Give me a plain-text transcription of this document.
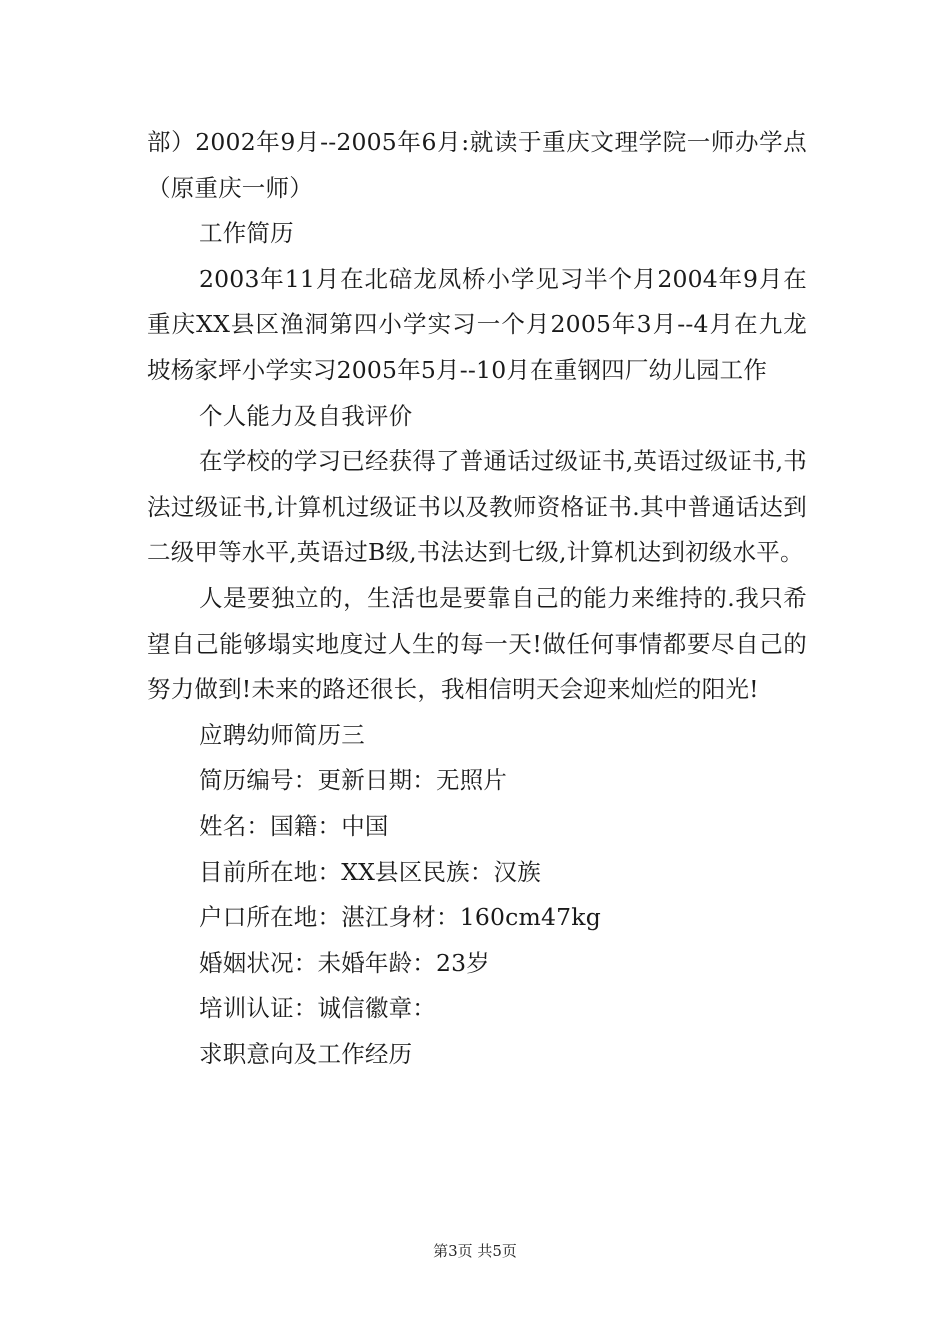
部）2002年9月--2005年6月:就读于重庆文理学院一师办学点（原重庆一师）

工作简历

2003年11月在北碚龙凤桥小学见习半个月2004年9月在重庆XX县区渔洞第四小学实习一个月2005年3月--4月在九龙坡杨家坪小学实习2005年5月--10月在重钢四厂幼儿园工作

个人能力及自我评价

在学校的学习已经获得了普通话过级证书,英语过级证书,书法过级证书,计算机过级证书以及教师资格证书.其中普通话达到二级甲等水平,英语过B级,书法达到七级,计算机达到初级水平。

人是要独立的，生活也是要靠自己的能力来维持的.我只希望自己能够塌实地度过人生的每一天!做任何事情都要尽自己的努力做到!未来的路还很长，我相信明天会迎来灿烂的阳光!

应聘幼师简历三

简历编号：更新日期：无照片

姓名：国籍：中国

目前所在地：XX县区民族：汉族

户口所在地：湛江身材：160cm47kg

婚姻状况：未婚年龄：23岁

培训认证：诚信徽章：

求职意向及工作经历

第3页 共5页
